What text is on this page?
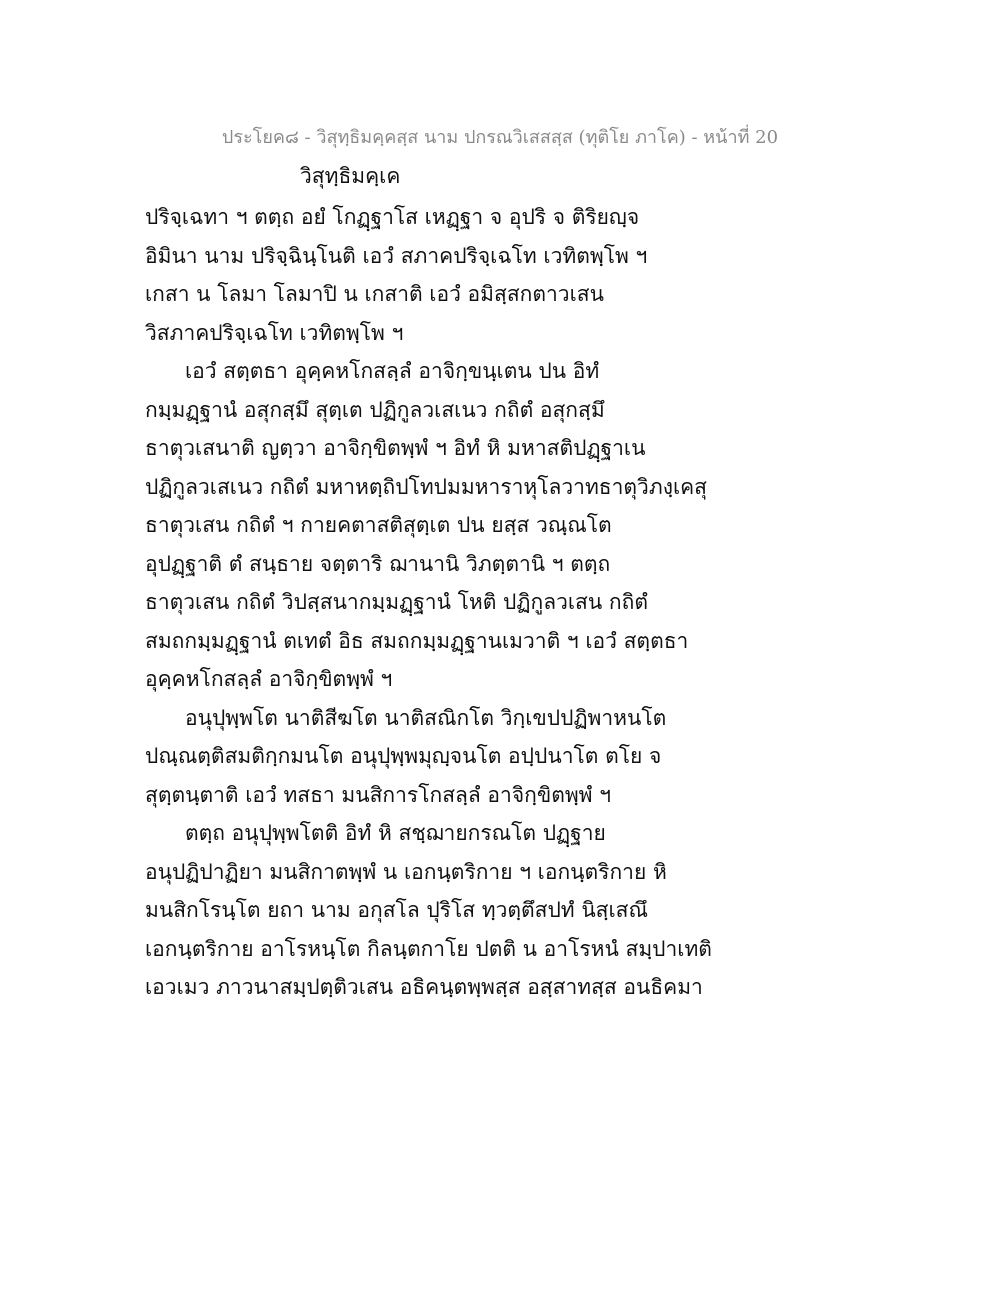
ประโยค๘ - วิสุทฺธิมคฺคสฺส นาม ปกรณวิเสสสฺส (ทุติโย ภาโค) - หน้าที่ 20
วิสุทฺธิมคฺเค
ปริจฺเฉทา ฯ ตตฺถ อยํ โกฏฺฐาโส เหฏฺฐา จ อุปริ จ ติริยญฺจ
อิมินา นาม ปริจฺฉินฺโนติ เอวํ สภาคปริจฺเฉโท เวทิตพฺโพ ฯ
เกสา น โลมา โลมาปิ น เกสาติ เอวํ อมิสฺสกตาวเสน
วิสภาคปริจฺเฉโท เวทิตพฺโพ ฯ
เอวํ สตฺตธา อุคฺคหโกสลฺลํ อาจิกฺขนฺเตน ปน อิทํ
กมฺมฏฺฐานํ อสุกสฺมึ สุตฺเต ปฏิกูลวเสเนว กถิตํ อสุกสฺมึ
ธาตุวเสนาติ ญตฺวา อาจิกฺขิตพฺพํ ฯ อิทํ หิ มหาสติปฏฺฐาเน
ปฏิกูลวเสเนว กถิตํ มหาหตฺถิปโทปมมหาราหุโลวาทธาตุวิภงฺเคสุ
ธาตุวเสน กถิตํ ฯ กายคตาสติสุตฺเต ปน ยสฺส วณฺณโต
อุปฏฺฐาติ ตํ สนฺธาย จตฺตาริ ฌานานิ วิภตฺตานิ ฯ ตตฺถ
ธาตุวเสน กถิตํ วิปสฺสนากมฺมฏฺฐานํ โหติ ปฏิกูลวเสน กถิตํ
สมถกมฺมฏฺฐานํ ตเทตํ อิธ สมถกมฺมฏฺฐานเมวาติ ฯ เอวํ สตฺตธา
อุคฺคหโกสลฺลํ อาจิกฺขิตพฺพํ ฯ
อนุปุพฺพโต นาติสีฆโต นาติสณิกโต วิกฺเขปปฏิพาหนโต
ปณฺณตฺติสมติกฺกมนโต อนุปุพฺพมุญฺจนโต อปฺปนาโต ตโย จ
สุตฺตนฺตาติ เอวํ ทสธา มนสิการโกสลฺลํ อาจิกฺขิตพฺพํ ฯ
ตตฺถ อนุปุพฺพโตติ อิทํ หิ สชฺฌายกรณโต ปฏฺฐาย
อนุปฏิปาฏิยา มนสิกาตพฺพํ น เอกนฺตริกาย ฯ เอกนฺตริกาย หิ
มนสิกโรนฺโต ยถา นาม อกุสโล ปุริโส ทฺวตฺตึสปทํ นิสฺเสณึ
เอกนฺตริกาย อาโรหนฺโต กิลนฺตกาโย ปตติ น อาโรหนํ สมฺปาเทติ
เอวเมว ภาวนาสมฺปตฺติวเสน อธิคนฺตพฺพสฺส อสฺสาทสฺส อนธิคมา
